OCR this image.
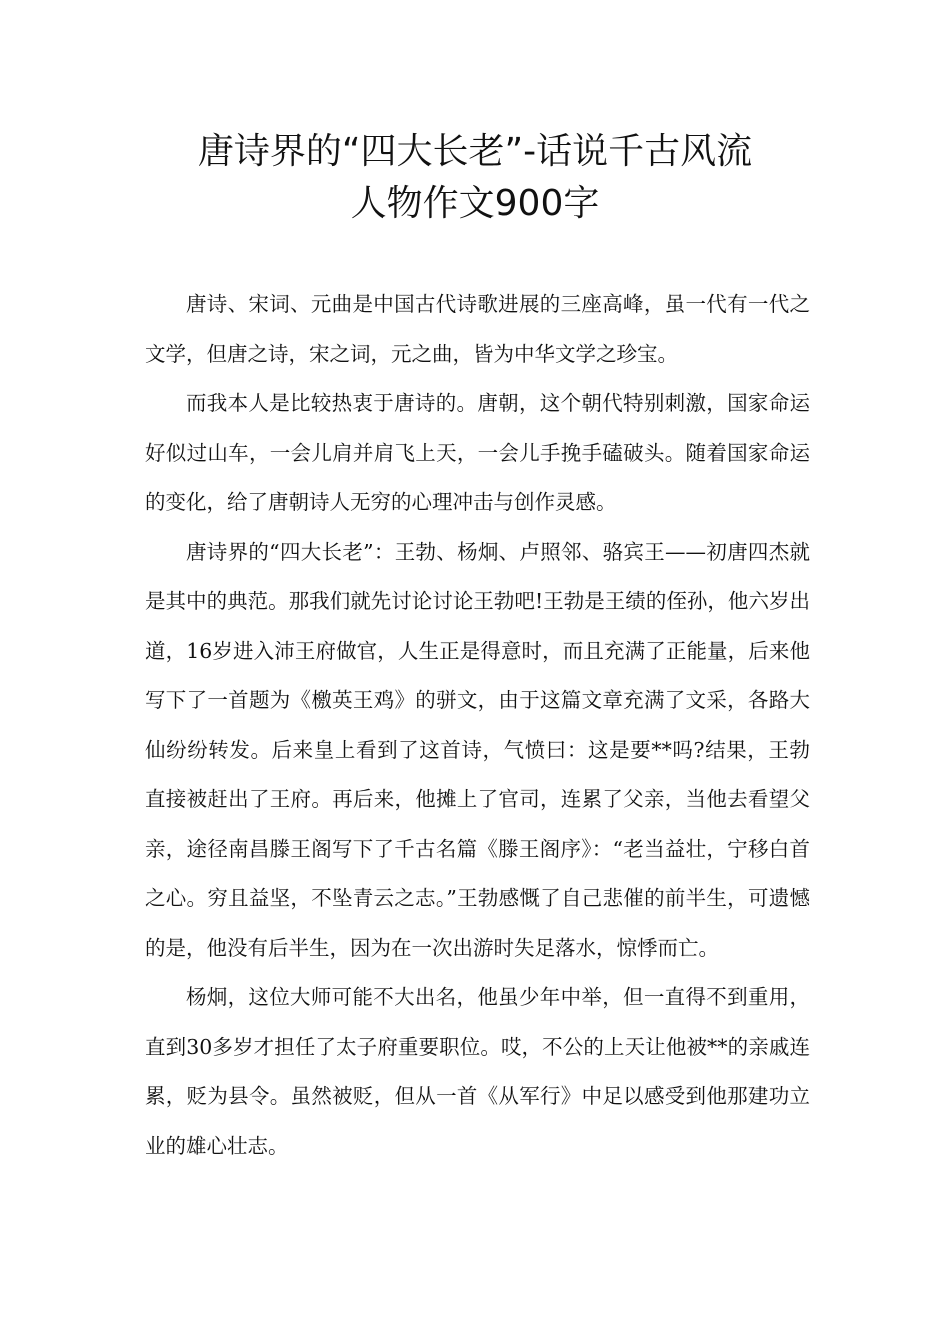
唐诗界的“四大长老”-话说千古风流
人物作文900字

唐诗、宋词、元曲是中国古代诗歌进展的三座高峰，虽一代有一代之文学，但唐之诗，宋之词，元之曲，皆为中华文学之珍宝。

而我本人是比较热衷于唐诗的。唐朝，这个朝代特别刺激，国家命运好似过山车，一会儿肩并肩飞上天，一会儿手挽手磕破头。随着国家命运的变化，给了唐朝诗人无穷的心理冲击与创作灵感。

唐诗界的“四大长老”：王勃、杨炯、卢照邻、骆宾王——初唐四杰就是其中的典范。那我们就先讨论讨论王勃吧!王勃是王绩的侄孙，他六岁出道，16岁进入沛王府做官，人生正是得意时，而且充满了正能量，后来他写下了一首题为《檄英王鸡》的骈文，由于这篇文章充满了文采，各路大仙纷纷转发。后来皇上看到了这首诗，气愤曰：这是要**吗?结果，王勃直接被赶出了王府。再后来，他摊上了官司，连累了父亲，当他去看望父亲，途径南昌滕王阁写下了千古名篇《滕王阁序》：“老当益壮，宁移白首之心。穷且益坚，不坠青云之志。”王勃感慨了自己悲催的前半生，可遗憾的是，他没有后半生，因为在一次出游时失足落水，惊悸而亡。

杨炯，这位大师可能不大出名，他虽少年中举，但一直得不到重用，直到30多岁才担任了太子府重要职位。哎，不公的上天让他被**的亲戚连累，贬为县令。虽然被贬，但从一首《从军行》中足以感受到他那建功立业的雄心壮志。
